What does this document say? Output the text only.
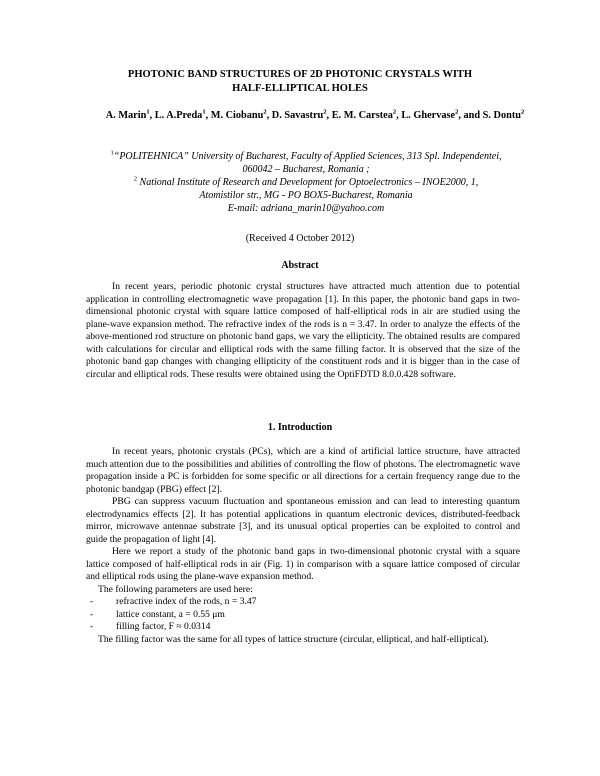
PHOTONIC BAND STRUCTURES OF 2D PHOTONIC CRYSTALS WITH
HALF-ELLIPTICAL HOLES
A. Marin$^1$, L. A.Preda$^1$, M. Ciobanu$^2$, D. Savastru$^2$, E. M. Carstea$^2$, L. Ghervase$^2$, and S. Dontu$^2$

$^1$“POLITEHNICA” University of Bucharest, Faculty of Applied Sciences, 313 Spl. Independentei,

060042 – Bucharest, Romania ;

$^2$ National Institute of Research and Development for Optoelectronics – INOE2000, 1,

Atomistilor str., MG - PO BOX5-Bucharest, Romania

E-mail: adriana_marin10@yahoo.com

(Received 4 October 2012)
Abstract

In recent years, periodic photonic crystal structures have attracted much attention due to potential application in controlling electromagnetic wave propagation [1]. In this paper, the photonic band gaps in two-dimensional photonic crystal with square lattice composed of half-elliptical rods in air are studied using the plane-wave expansion method. The refractive index of the rods is n = 3.47. In order to analyze the effects of the above-mentioned rod structure on photonic band gaps, we vary the ellipticity. The obtained results are compared with calculations for circular and elliptical rods with the same filling factor. It is observed that the size of the photonic band gap changes with changing ellipticity of the constituent rods and it is bigger than in the case of circular and elliptical rods. These results were obtained using the OptiFDTD 8.0.0.428 software.

1. Introduction

In recent years, photonic crystals (PCs), which are a kind of artificial lattice structure, have attracted much attention due to the possibilities and abilities of controlling the flow of photons. The electromagnetic wave propagation inside a PC is forbidden for some specific or all directions for a certain frequency range due to the photonic bandgap (PBG) effect [2].

PBG can suppress vacuum fluctuation and spontaneous emission and can lead to interesting quantum electrodynamics effects [2]. It has potential applications in quantum electronic devices, distributed-feedback mirror, microwave antennae substrate [3], and its unusual optical properties can be exploited to control and guide the propagation of light [4].

Here we report a study of the photonic band gaps in two-dimensional photonic crystal with a square lattice composed of half-elliptical rods in air (Fig. 1) in comparison with a square lattice composed of circular and elliptical rods using the plane-wave expansion method.

The following parameters are used here:

- refractive index of the rods, n = 3.47
- lattice constant, a = 0.55 μm
- filling factor, F ≈ 0.0314

The filling factor was the same for all types of lattice structure (circular, elliptical, and half-elliptical).
